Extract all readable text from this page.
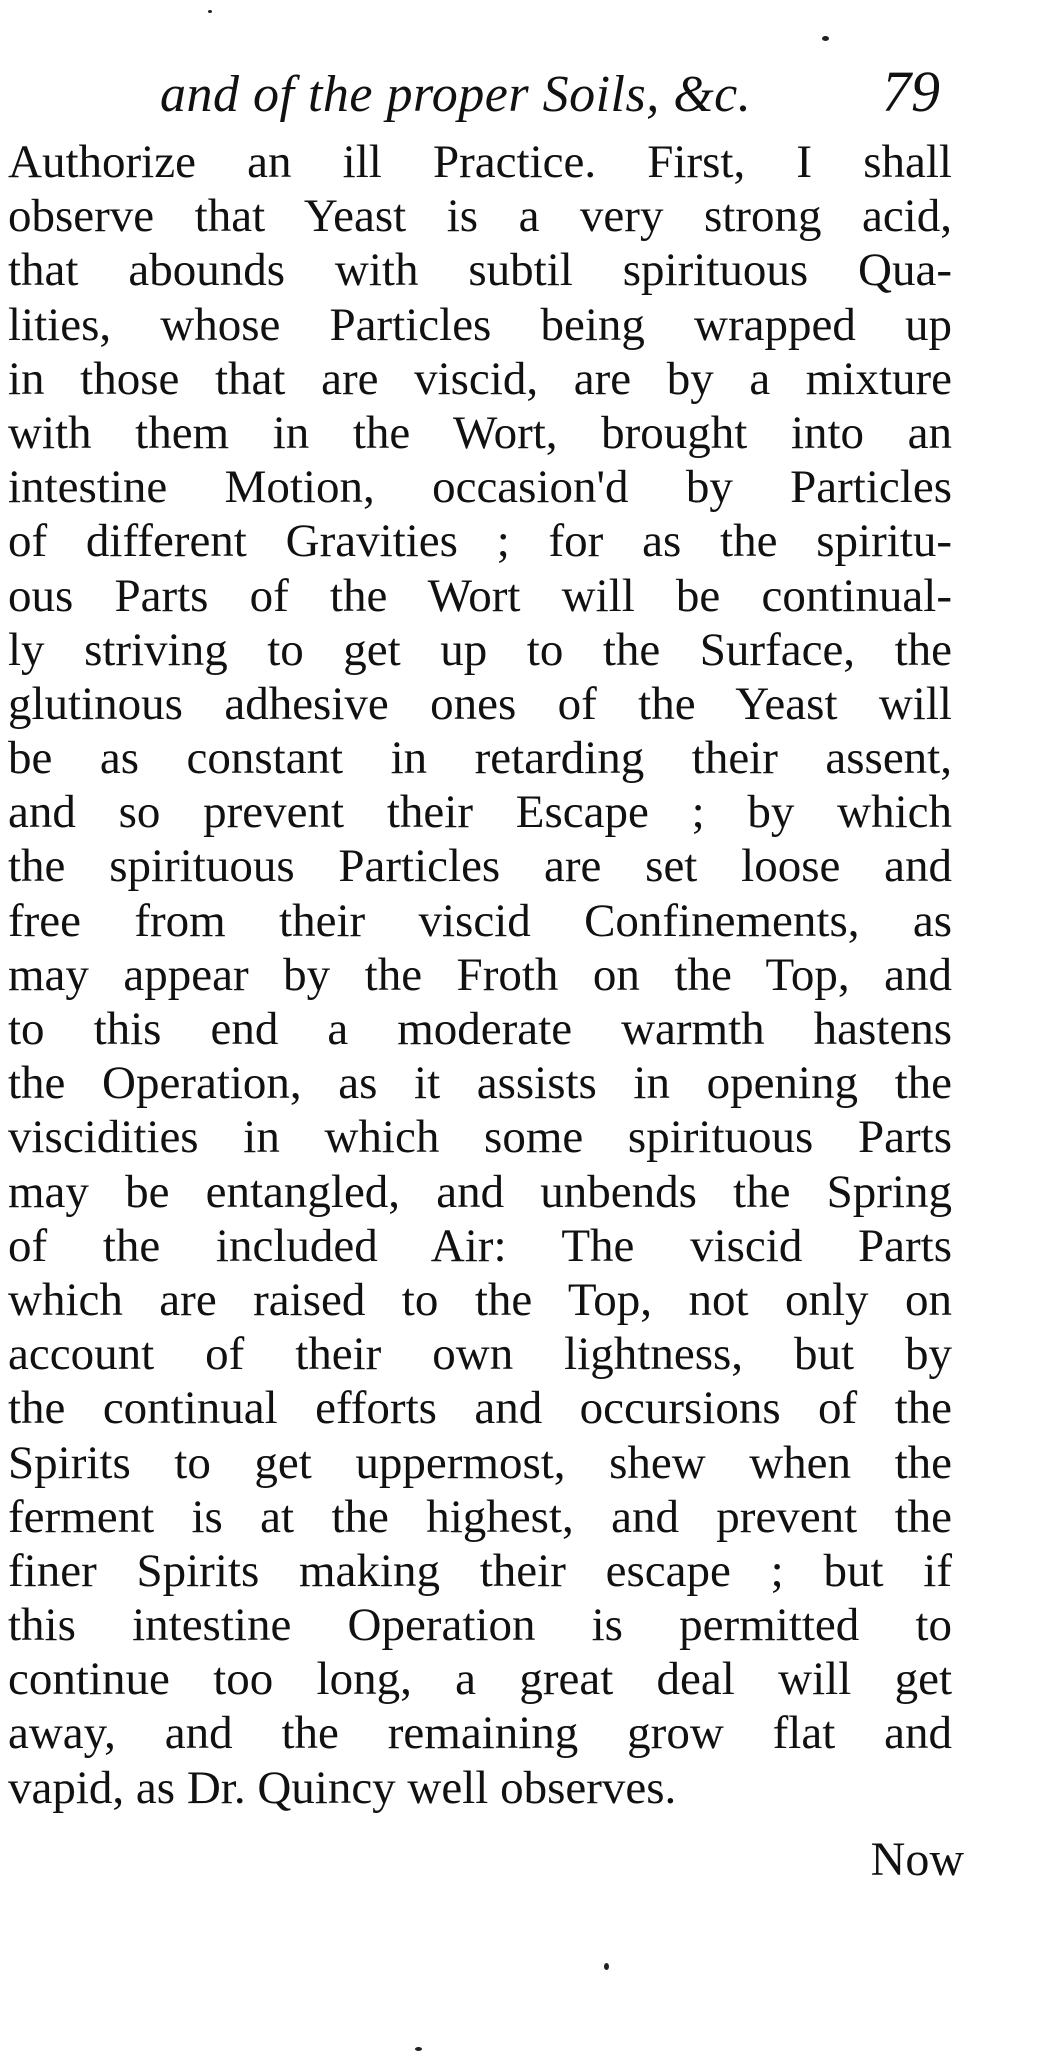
and of the proper Soils, &c. 79
Authorize an ill Practice. First, I shall
observe that Yeast is a very strong acid,
that abounds with subtil spirituous Qua-
lities, whose Particles being wrapped up
in those that are viscid, are by a mixture
with them in the Wort, brought into an
intestine Motion, occasion'd by Particles
of different Gravities ; for as the spiritu-
ous Parts of the Wort will be continual-
ly striving to get up to the Surface, the
glutinous adhesive ones of the Yeast will
be as constant in retarding their assent,
and so prevent their Escape ; by which
the spirituous Particles are set loose and
free from their viscid Confinements, as
may appear by the Froth on the Top, and
to this end a moderate warmth hastens
the Operation, as it assists in opening the
viscidities in which some spirituous Parts
may be entangled, and unbends the Spring
of the included Air: The viscid Parts
which are raised to the Top, not only on
account of their own lightness, but by
the continual efforts and occursions of the
Spirits to get uppermost, shew when the
ferment is at the highest, and prevent the
finer Spirits making their escape ; but if
this intestine Operation is permitted to
continue too long, a great deal will get
away, and the remaining grow flat and
vapid, as Dr. Quincy well observes.
Now
